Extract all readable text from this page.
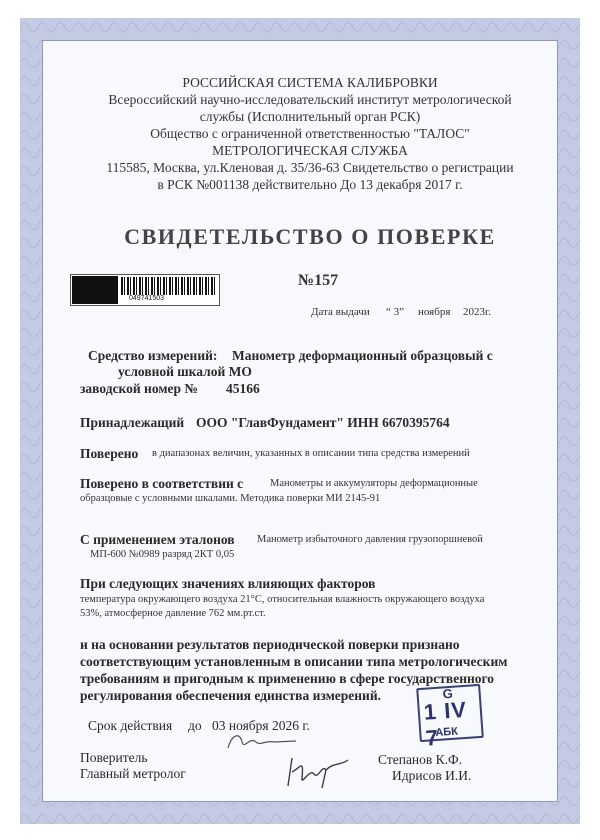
РОССИЙСКАЯ СИСТЕМА КАЛИБРОВКИ
Всероссийский научно-исследовательский институт метрологической
службы (Исполнительный орган РСК)
Общество с ограниченной ответственностью "ТАЛОС"
МЕТРОЛОГИЧЕСКАЯ СЛУЖБА
115585, Москва, ул.Кленовая д. 35/36-63 Свидетельство о регистрации
в РСК №001138 действительно До 13 декабря 2017 г.
СВИДЕТЕЛЬСТВО О ПОВЕРКЕ
049741503
№157
Дата выдачи “ 3” ноября 2023г.
Средство измерений: Манометр деформационный образцовый с
условной шкалой МО
заводской номер № 45166
Принадлежащий ООО "ГлавФундамент" ИНН 6670395764
Поверено в диапазонах величин, указанных в описании типа средства измерений
Поверено в соответствии с	Манометры и аккумуляторы деформационные
образцовые с условными шкалами. Методика поверки МИ 2145-91
С применением эталонов Манометр избыточного давления грузопоршневой
МП-600 №0989 разряд 2КТ 0,05
При следующих значениях влияющих факторов
температура окружающего воздуха 21°С, относительная влажность окружающего воздуха
53%, атмосферное давление 762 мм.рт.ст.
и на основании результатов периодической поверки признано
соответствующим установленным в описании типа метрологическим
требованиям и пригодным к применению в сфере государственного
регулирования обеспечения единства измерений.
Срок действия до 03 ноября 2026 г.
Поверитель
Главный метролог
Степанов К.Ф.
Идрисов И.И.
G
1 IV 7
АБК
